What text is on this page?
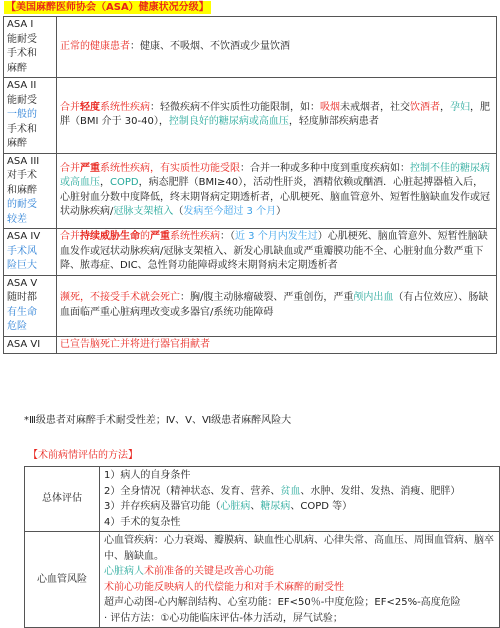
【美国麻醉医师协会（ASA）健康状况分级】
ASA I
能耐受
手术和
麻醉	正常的健康患者：健康、不吸烟、不饮酒或少量饮酒

ASA II
能耐受
一般的
手术和
麻醉	合并轻度系统性疾病：轻微疾病不伴实质性功能限制，如：吸烟未戒烟者，社交饮酒者，孕妇，肥胖（BMI 介于 30-40），控制良好的糖尿病或高血压，轻度肺部疾病患者

ASA III
对手术
和麻醉
的耐受
较差	合并严重系统性疾病，有实质性功能受限：合并一种或多种中度到重度疾病如：控制不佳的糖尿病或高血压，COPD，病态肥胖（BMI≥40），活动性肝炎，酒精依赖或酗酒．心脏起搏器植入后，心脏射血分数中度降低，终末期肾病定期透析者，心肌梗死、脑血管意外、短暂性脑缺血发作或冠状动脉疾病/冠脉支架植入（发病至今超过 3 个月）

ASA IV
手术风
险巨大	合并持续威胁生命的严重系统性疾病：（近 3 个月内发生过）心肌梗死、脑血管意外、短暂性脑缺血发作或冠状动脉疾病/冠脉支架植入、新发心肌缺血或严重瓣膜功能不全、心脏射血分数严重下降、脓毒症、DIC、急性肾功能障碍或终末期肾病未定期透析者

ASA V
随时都
有生命
危险	濒死，不接受手术就会死亡：胸/腹主动脉瘤破裂、严重创伤，严重颅内出血（有占位效应）、肠缺血面临严重心脏病理改变或多器官/系统功能障碍

ASA VI	已宣告脑死亡并将进行器官捐献者
*Ⅲ级患者对麻醉手术耐受性差；Ⅳ、Ⅴ、Ⅵ级患者麻醉风险大
【术前病情评估的方法】
总体评估	1）病人的自身条件
2）全身情况（精神状态、发育、营养、贫血、水肿、发绀、发热、消瘦、肥胖）
3）并存疾病及器官功能（心脏病、糖尿病、COPD 等）
4）手术的复杂性

心血管风险	心血管疾病：心力衰竭、瓣膜病、缺血性心肌病、心律失常、高血压、周围血管病、脑卒中、脑缺血。
心脏病人术前准备的关键是改善心功能
术前心功能反映病人的代偿能力和对手术麻醉的耐受性
超声心动图-心内解剖结构、心室功能：EF<50％-中度危险；EF<25%-高度危险
· 评估方法：①心功能临床评估-体力活动，屏气试验；
